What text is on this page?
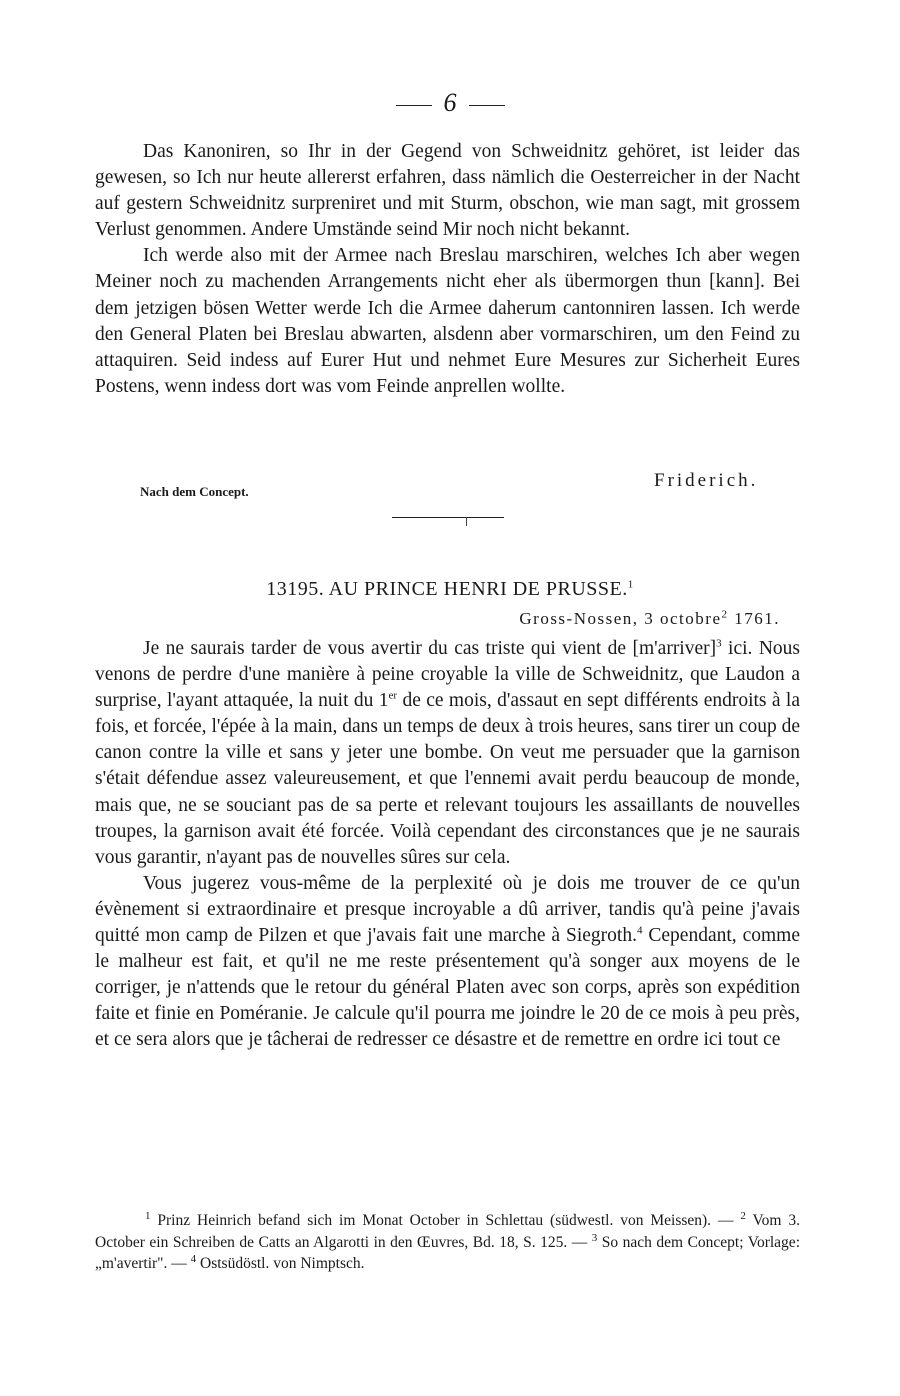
6

Das Kanoniren, so Ihr in der Gegend von Schweidnitz gehöret, ist leider das gewesen, so Ich nur heute allererst erfahren, dass nämlich die Oesterreicher in der Nacht auf gestern Schweidnitz surpreniret und mit Sturm, obschon, wie man sagt, mit grossem Verlust genommen. Andere Umstände seind Mir noch nicht bekannt.

Ich werde also mit der Armee nach Breslau marschiren, welches Ich aber wegen Meiner noch zu machenden Arrangements nicht eher als übermorgen thun [kann]. Bei dem jetzigen bösen Wetter werde Ich die Armee daherum cantonniren lassen. Ich werde den General Platen bei Breslau abwarten, alsdenn aber vormarschiren, um den Feind zu attaquiren. Seid indess auf Eurer Hut und nehmet Eure Mesures zur Sicherheit Eures Postens, wenn indess dort was vom Feinde anprellen wollte.

Nach dem Concept.
Friderich.
13195. AU PRINCE HENRI DE PRUSSE.$^1$
Gross-Nossen, 3 octobre$^2$ 1761.

Je ne saurais tarder de vous avertir du cas triste qui vient de [m'arriver]$^3$ ici. Nous venons de perdre d'une manière à peine croyable la ville de Schweidnitz, que Laudon a surprise, l'ayant attaquée, la nuit du 1er de ce mois, d'assaut en sept différents endroits à la fois, et forcée, l'épée à la main, dans un temps de deux à trois heures, sans tirer un coup de canon contre la ville et sans y jeter une bombe. On veut me persuader que la garnison s'était défendue assez valeureusement, et que l'ennemi avait perdu beaucoup de monde, mais que, ne se souciant pas de sa perte et relevant toujours les assaillants de nouvelles troupes, la garnison avait été forcée. Voilà cependant des circonstances que je ne saurais vous garantir, n'ayant pas de nouvelles sûres sur cela.

Vous jugerez vous-même de la perplexité où je dois me trouver de ce qu'un évènement si extraordinaire et presque incroyable a dû arriver, tandis qu'à peine j'avais quitté mon camp de Pilzen et que j'avais fait une marche à Siegroth.$^4$ Cependant, comme le malheur est fait, et qu'il ne me reste présentement qu'à songer aux moyens de le corriger, je n'attends que le retour du général Platen avec son corps, après son expédition faite et finie en Poméranie. Je calcule qu'il pourra me joindre le 20 de ce mois à peu près, et ce sera alors que je tâcherai de redresser ce désastre et de remettre en ordre ici tout ce

$^1$ Prinz Heinrich befand sich im Monat October in Schlettau (südwestl. von Meissen). — $^2$ Vom 3. October ein Schreiben de Catts an Algarotti in den Œuvres, Bd. 18, S. 125. — $^3$ So nach dem Concept; Vorlage: „m'avertir". — $^4$ Ostsüdöstl. von Nimptsch.
